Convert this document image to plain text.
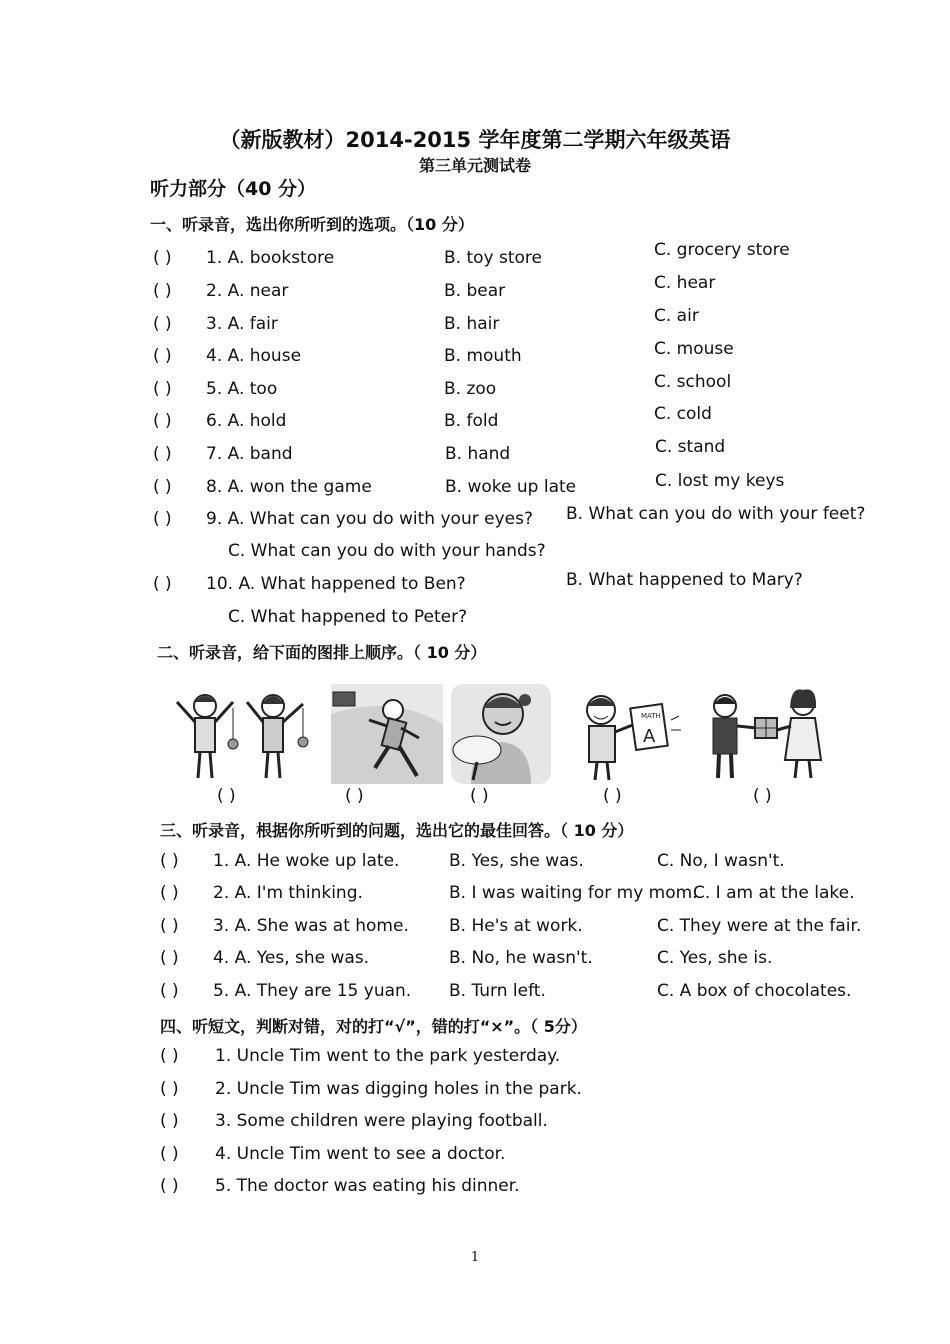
（新版教材）2014-2015 学年度第二学期六年级英语
第三单元测试卷
听力部分（40 分）
一、听录音，选出你所听到的选项。（10 分）
( ) 1. A. bookstore	B. toy store	C. grocery store
( ) 2. A. near	B. bear	C. hear
( ) 3. A. fair	B. hair	C. air
( ) 4. A. house	B. mouth	C. mouse
( ) 5. A. too	B. zoo	C. school
( ) 6. A. hold	B. fold	C. cold
( ) 7. A. band	B. hand	C. stand
( ) 8. A. won the game	B. woke up late	C. lost my keys
( ) 9. A. What can you do with your eyes? B. What can you do with your feet?
C. What can you do with your hands?
( ) 10. A. What happened to Ben?	B. What happened to Mary?
C. What happened to Peter?
二、听录音，给下面的图排上顺序。（ 10 分）
MATH
A
( )	( )	( )	( )	( )
三、听录音，根据你所听到的问题，选出它的最佳回答。（ 10 分）
( ) 1. A. He woke up late.	B. Yes, she was.	C. No, I wasn't.
( ) 2. A. I'm thinking.	B. I was waiting for my mom.
C. I am at the lake.
( ) 3. A. She was at home. B. He's at work.	C. They were at the fair.
( ) 4. A. Yes, she was.	B. No, he wasn't.	C. Yes, she is.
( ) 5. A. They are 15 yuan. B. Turn left.	C. A box of chocolates.
四、听短文，判断对错，对的打“√”，错的打“×”。（ 5分）
( ) 1. Uncle Tim went to the park yesterday.
( ) 2. Uncle Tim was digging holes in the park.
( ) 3. Some children were playing football.
( ) 4. Uncle Tim went to see a doctor.
( ) 5. The doctor was eating his dinner.
1
